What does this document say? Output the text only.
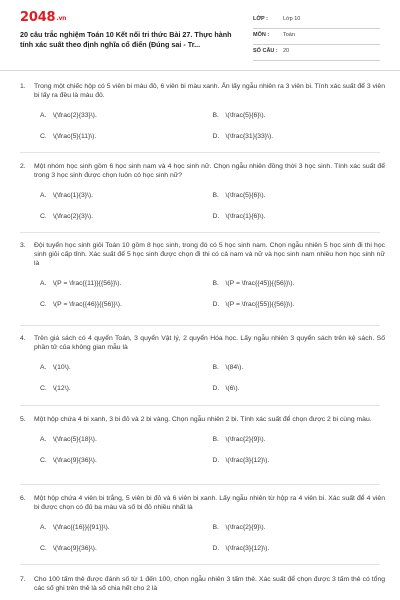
2048.vn
20 câu trắc nghiệm Toán 10 Kết nối tri thức Bài 27. Thực hành tính xác suất theo định nghĩa cổ điển (Đúng sai - Tr...
LỚP :	Lớp 10
MÔN :	Toán
SỐ CÂU : 20
1.	Trong một chiếc hộp có 5 viên bi màu đỏ, 6 viên bi màu xanh. Ấn lấy ngẫu nhiên ra 3 viên bi. Tính xác suất để 3 viên bi lấy ra đều là màu đỏ.
A. \(\frac{2}{33}\).	B. \(\frac{5}{6}\).
C. \(\frac{5}{11}\).	D. \(\frac{31}{33}\).
2.	Một nhóm học sinh gồm 6 học sinh nam và 4 học sinh nữ. Chọn ngẫu nhiên đồng thời 3 học sinh. Tính xác suất để trong 3 học sinh được chọn luôn có học sinh nữ?
A. \(\frac{1}{3}\).	B. \(\frac{5}{6}\).
C. \(\frac{2}{3}\).	D. \(\frac{1}{6}\).
3.	Đội tuyển học sinh giỏi Toán 10 gồm 8 học sinh, trong đó có 5 học sinh nam. Chọn ngẫu nhiên 5 học sinh đi thi học sinh giỏi cấp tỉnh. Xác suất để 5 học sinh được chọn đi thi có cả nam và nữ và học sinh nam nhiều hơn học sinh nữ là
A. \(P = \frac{{11}}{{56}}\).	B. \(P = \frac{{45}}{{56}}\).
C. \(P = \frac{{46}}{{56}}\).	D. \(P = \frac{{55}}{{56}}\).
4.	Trên giá sách có 4 quyển Toán, 3 quyển Vật lý, 2 quyển Hóa học. Lấy ngẫu nhiên 3 quyển sách trên kệ sách. Số phần tử của không gian mẫu là
A. \(10\).	B. \(84\).
C. \(12\).	D. \(6\).
5.	Một hộp chứa 4 bi xanh, 3 bi đỏ và 2 bi vàng. Chọn ngẫu nhiên 2 bi. Tính xác suất để chọn được 2 bi cùng màu.
A. \(\frac{5}{18}\).	B. \(\frac{2}{9}\).
C. \(\frac{9}{36}\).	D. \(\frac{3}{12}\).
6.	Một hộp chứa 4 viên bi trắng, 5 viên bi đỏ và 6 viên bi xanh. Lấy ngẫu nhiên từ hộp ra 4 viên bi. Xác suất để 4 viên bi được chọn có đủ ba màu và số bi đỏ nhiều nhất là
A. \(\frac{{16}}{{91}}\).	B. \(\frac{2}{9}\).
C. \(\frac{9}{36}\).	D. \(\frac{3}{12}\).
7.	Cho 100 tấm thẻ được đánh số từ 1 đến 100, chọn ngẫu nhiên 3 tấm thẻ. Xác suất để chọn được 3 tấm thẻ có tổng các số ghi trên thẻ là số chia hết cho 2 là
